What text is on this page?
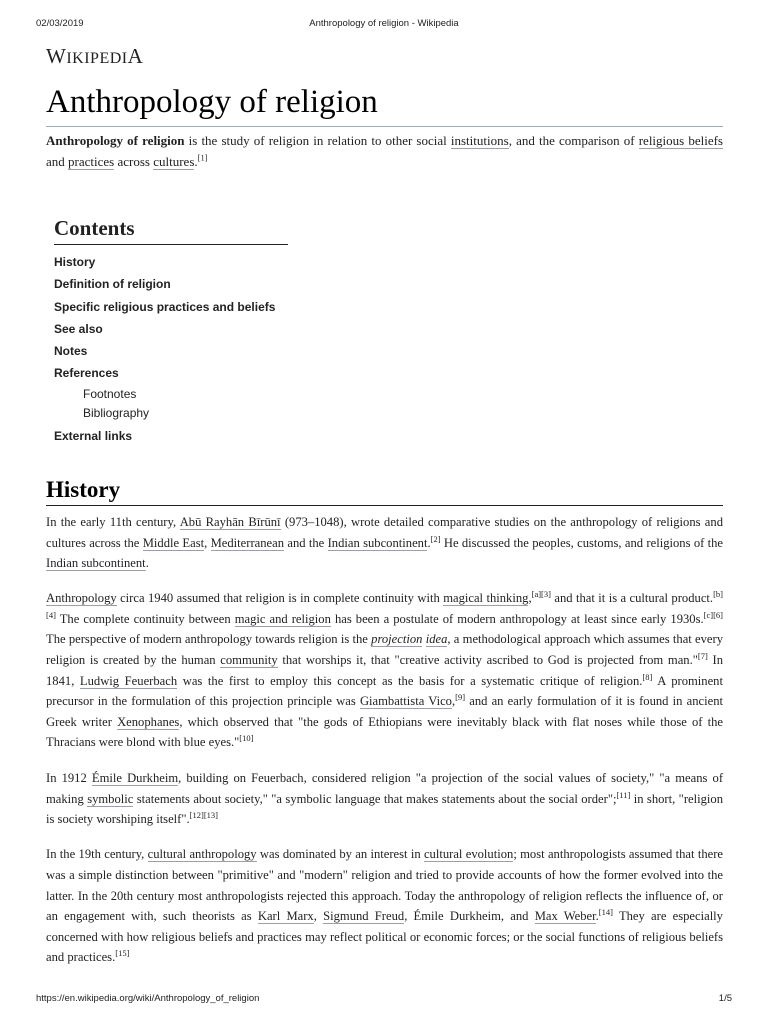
02/03/2019	Anthropology of religion - Wikipedia
WIKIPEDIA
Anthropology of religion

Anthropology of religion is the study of religion in relation to other social institutions, and the comparison of religious beliefs and practices across cultures.[1]

Contents
History
Definition of religion
Specific religious practices and beliefs
See also
Notes
References
Footnotes
Bibliography
External links
History

In the early 11th century, Abū Rayhān Bīrūnī (973–1048), wrote detailed comparative studies on the anthropology of religions and cultures across the Middle East, Mediterranean and the Indian subcontinent.[2] He discussed the peoples, customs, and religions of the Indian subcontinent.

Anthropology circa 1940 assumed that religion is in complete continuity with magical thinking,[a][3] and that it is a cultural product.[b][4] The complete continuity between magic and religion has been a postulate of modern anthropology at least since early 1930s.[c][6] The perspective of modern anthropology towards religion is the projection idea, a methodological approach which assumes that every religion is created by the human community that worships it, that "creative activity ascribed to God is projected from man."[7] In 1841, Ludwig Feuerbach was the first to employ this concept as the basis for a systematic critique of religion.[8] A prominent precursor in the formulation of this projection principle was Giambattista Vico,[9] and an early formulation of it is found in ancient Greek writer Xenophanes, which observed that "the gods of Ethiopians were inevitably black with flat noses while those of the Thracians were blond with blue eyes."[10]

In 1912 Émile Durkheim, building on Feuerbach, considered religion "a projection of the social values of society," "a means of making symbolic statements about society," "a symbolic language that makes statements about the social order";[11] in short, "religion is society worshiping itself".[12][13]

In the 19th century, cultural anthropology was dominated by an interest in cultural evolution; most anthropologists assumed that there was a simple distinction between "primitive" and "modern" religion and tried to provide accounts of how the former evolved into the latter. In the 20th century most anthropologists rejected this approach. Today the anthropology of religion reflects the influence of, or an engagement with, such theorists as Karl Marx, Sigmund Freud, Émile Durkheim, and Max Weber.[14] They are especially concerned with how religious beliefs and practices may reflect political or economic forces; or the social functions of religious beliefs and practices.[15]

https://en.wikipedia.org/wiki/Anthropology_of_religion	1/5
